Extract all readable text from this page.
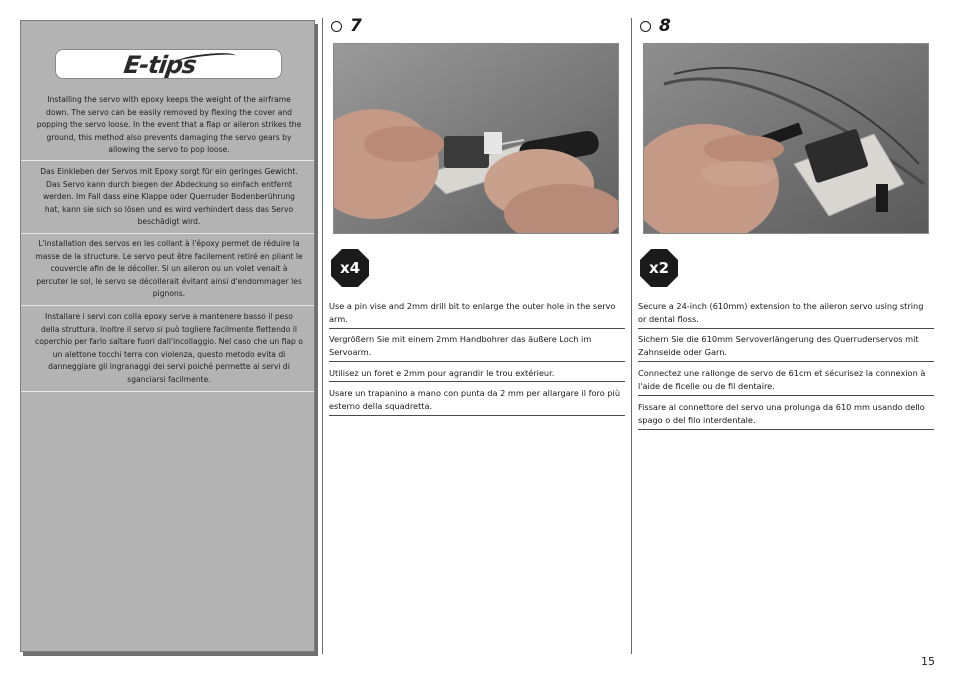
E-tips
Installing the servo with epoxy keeps the weight of the airframe down. The servo can be easily removed by flexing the cover and popping the servo loose. In the event that a flap or aileron strikes the ground, this method also prevents damaging the servo gears by allowing the servo to pop loose.
Das Einkleben der Servos mit Epoxy sorgt für ein geringes Gewicht. Das Servo kann durch biegen der Abdeckung so einfach entfernt werden. Im Fall dass eine Klappe oder Querruder Bodenberührung hat, kann sie sich so lösen und es wird verhindert dass das Servo beschädigt wird.
L'installation des servos en les collant à l'époxy permet de réduire la masse de la structure. Le servo peut être facilement retiré en pliant le couvercle afin de le décoller. Si un aileron ou un volet venait à percuter le sol, le servo se décollerait évitant ainsi d'endommager les pignons.
Installare i servi con colla epoxy serve a mantenere basso il peso della struttura. Inoltre il servo si può togliere facilmente flettendo il coperchio per farlo saltare fuori dall'incollaggio. Nel caso che un flap o un alettone tocchi terra con violenza, questo metodo evita di danneggiare gli ingranaggi dei servi poiché permette ai servi di sganciarsi facilmente.
7
x4
Use a pin vise and 2mm drill bit to enlarge the outer hole in the servo arm.
Vergrößern Sie mit einem 2mm Handbohrer das äußere Loch im Servoarm.
Utilisez un foret e 2mm pour agrandir le trou extérieur.
Usare un trapanino a mano con punta da 2 mm per allargare il foro più esterno della squadretta.
8
x2
Secure a 24-inch (610mm) extension to the aileron servo using string or dental floss.
Sichern Sie die 610mm Servoverlängerung des Querruderservos mit Zahnseide oder Garn.
Connectez une rallonge de servo de 61cm et sécurisez la connexion à l'aide de ficelle ou de fil dentaire.
Fissare al connettore del servo una prolunga da 610 mm usando dello spago o del filo interdentale.
15
